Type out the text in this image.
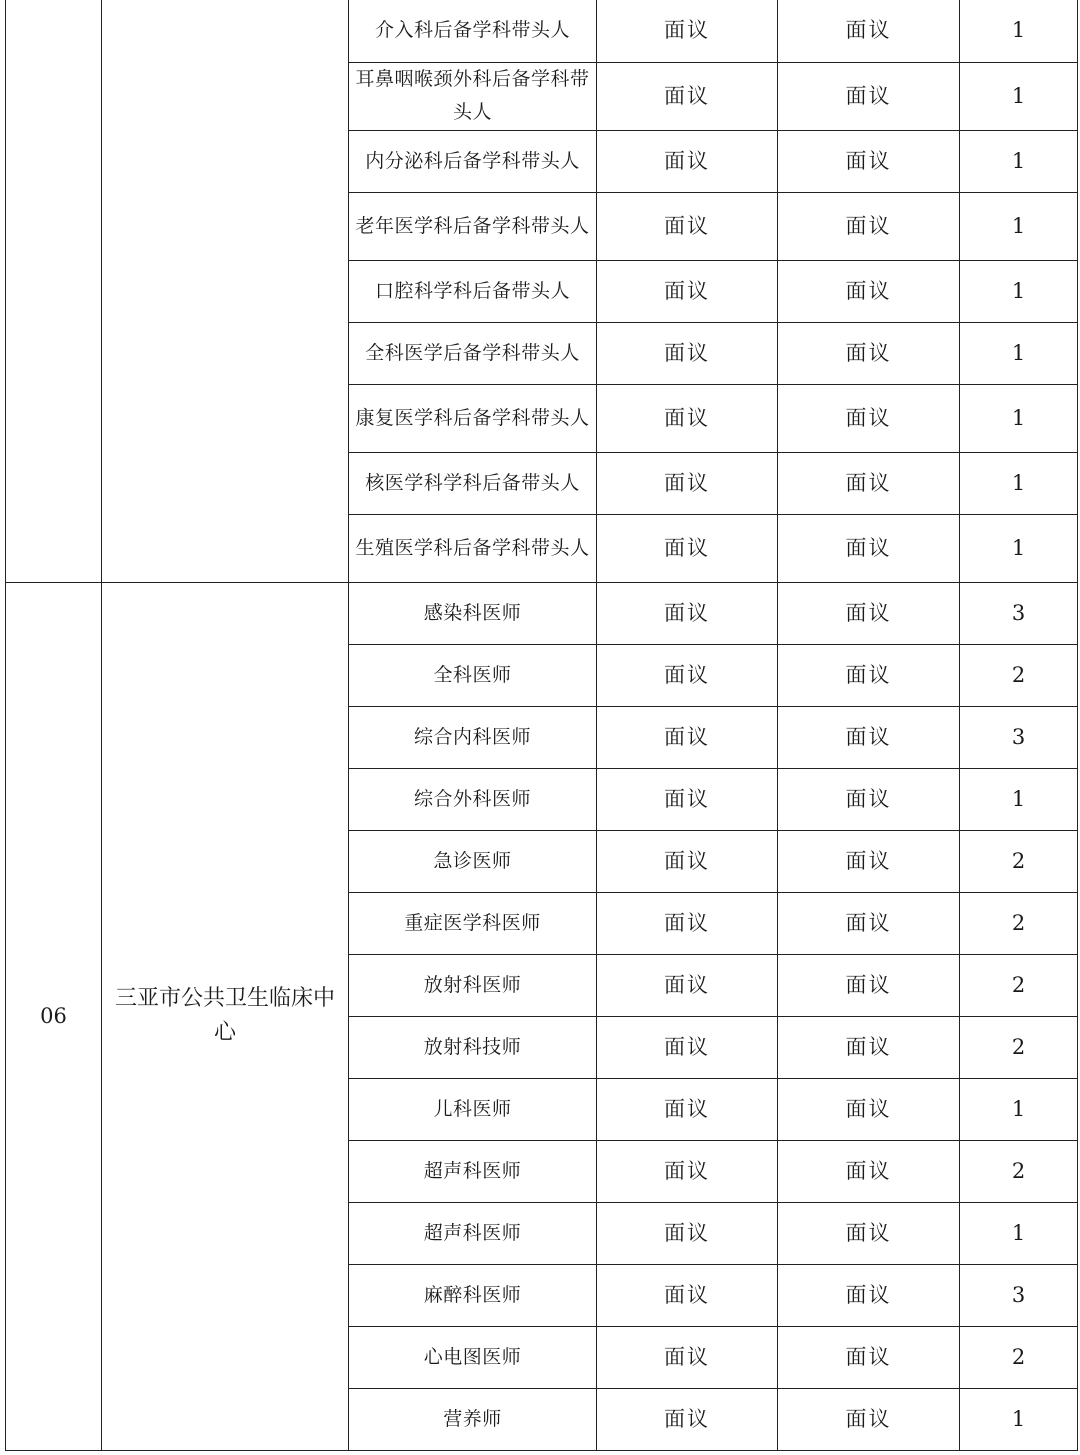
		介入科后备学科带头人	面议	面议	1
		耳鼻咽喉颈外科后备学科带头人	面议	面议	1
		内分泌科后备学科带头人	面议	面议	1
		老年医学科后备学科带头人	面议	面议	1
		口腔科学科后备带头人	面议	面议	1
		全科医学后备学科带头人	面议	面议	1
		康复医学科后备学科带头人	面议	面议	1
		核医学科学科后备带头人	面议	面议	1
		生殖医学科后备学科带头人	面议	面议	1
06	三亚市公共卫生临床中心	感染科医师	面议	面议	3
		全科医师	面议	面议	2
		综合内科医师	面议	面议	3
		综合外科医师	面议	面议	1
		急诊医师	面议	面议	2
		重症医学科医师	面议	面议	2
		放射科医师	面议	面议	2
		放射科技师	面议	面议	2
		儿科医师	面议	面议	1
		超声科医师	面议	面议	2
		超声科医师	面议	面议	1
		麻醉科医师	面议	面议	3
		心电图医师	面议	面议	2
		营养师	面议	面议	1
